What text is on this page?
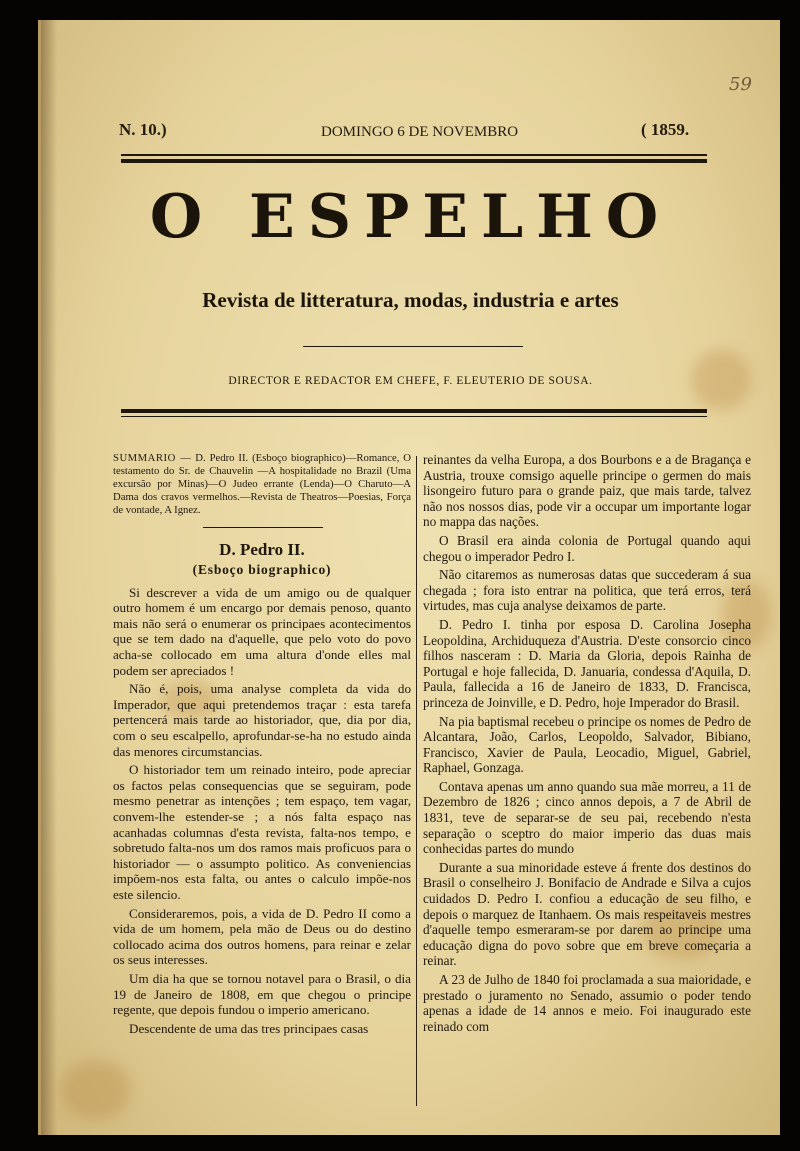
59
N. 10.)	DOMINGO 6 DE NOVEMBRO	( 1859.
O ESPELHO
Revista de litteratura, modas, industria e artes
DIRECTOR E REDACTOR EM CHEFE, F. ELEUTERIO DE SOUSA.

SUMMARIO — D. Pedro II. (Esboço biographico)—Romance, O testamento do Sr. de Chauvelin —A hospitalidade no Brazil (Uma excursão por Minas)—O Judeo errante (Lenda)—O Charuto—A Dama dos cravos vermelhos.—Revista de Theatros—Poesias, Força de vontade, A Ignez.

D. Pedro II.
(Esboço biographico)

Si descrever a vida de um amigo ou de qualquer outro homem é um encargo por demais penoso, quanto mais não será o enumerar os principaes acontecimentos que se tem dado na d'aquelle, que pelo voto do povo acha-se collocado em uma altura d'onde elles mal podem ser apreciados !

Não é, pois, uma analyse completa da vida do Imperador, que aqui pretendemos traçar : esta tarefa pertencerá mais tarde ao historiador, que, dia por dia, com o seu escalpello, aprofundar-se-ha no estudo ainda das menores circumstancias.

O historiador tem um reinado inteiro, pode apreciar os factos pelas consequencias que se seguiram, pode mesmo penetrar as intenções ; tem espaço, tem vagar, convem-lhe estender-se ; a nós falta espaço nas acanhadas columnas d'esta revista, falta-nos tempo, e sobretudo falta-nos um dos ramos mais proficuos para o historiador — o assumpto politico. As conveniencias impõem-nos esta falta, ou antes o calculo impõe-nos este silencio.

Consideraremos, pois, a vida de D. Pedro II como a vida de um homem, pela mão de Deus ou do destino collocado acima dos outros homens, para reinar e zelar os seus interesses.

Um dia ha que se tornou notavel para o Brasil, o dia 19 de Janeiro de 1808, em que chegou o principe regente, que depois fundou o imperio americano.

Descendente de uma das tres principaes casas

reinantes da velha Europa, a dos Bourbons e a de Bragança e Austria, trouxe comsigo aquelle principe o germen do mais lisongeiro futuro para o grande paiz, que mais tarde, talvez não nos nossos dias, pode vir a occupar um importante logar no mappa das nações.

O Brasil era ainda colonia de Portugal quando aqui chegou o imperador Pedro I.

Não citaremos as numerosas datas que succederam á sua chegada ; fora isto entrar na politica, que terá erros, terá virtudes, mas cuja analyse deixamos de parte.

D. Pedro I. tinha por esposa D. Carolina Josepha Leopoldina, Archiduqueza d'Austria. D'este consorcio cinco filhos nasceram : D. Maria da Gloria, depois Rainha de Portugal e hoje fallecida, D. Januaria, condessa d'Aquila, D. Paula, fallecida a 16 de Janeiro de 1833, D. Francisca, princeza de Joinville, e D. Pedro, hoje Imperador do Brasil.

Na pia baptismal recebeu o principe os nomes de Pedro de Alcantara, João, Carlos, Leopoldo, Salvador, Bibiano, Francisco, Xavier de Paula, Leocadio, Miguel, Gabriel, Raphael, Gonzaga.

Contava apenas um anno quando sua mãe morreu, a 11 de Dezembro de 1826 ; cinco annos depois, a 7 de Abril de 1831, teve de separar-se de seu pai, recebendo n'esta separação o sceptro do maior imperio das duas mais conhecidas partes do mundo

Durante a sua minoridade esteve á frente dos destinos do Brasil o conselheiro J. Bonifacio de Andrade e Silva a cujos cuidados D. Pedro I. confiou a educação de seu filho, e depois o marquez de Itanhaem. Os mais respeitaveis mestres d'aquelle tempo esmeraram-se por darem ao principe uma educação digna do povo sobre que em breve começaria a reinar.

A 23 de Julho de 1840 foi proclamada a sua maioridade, e prestado o juramento no Senado, assumio o poder tendo apenas a idade de 14 annos e meio. Foi inaugurado este reinado com
